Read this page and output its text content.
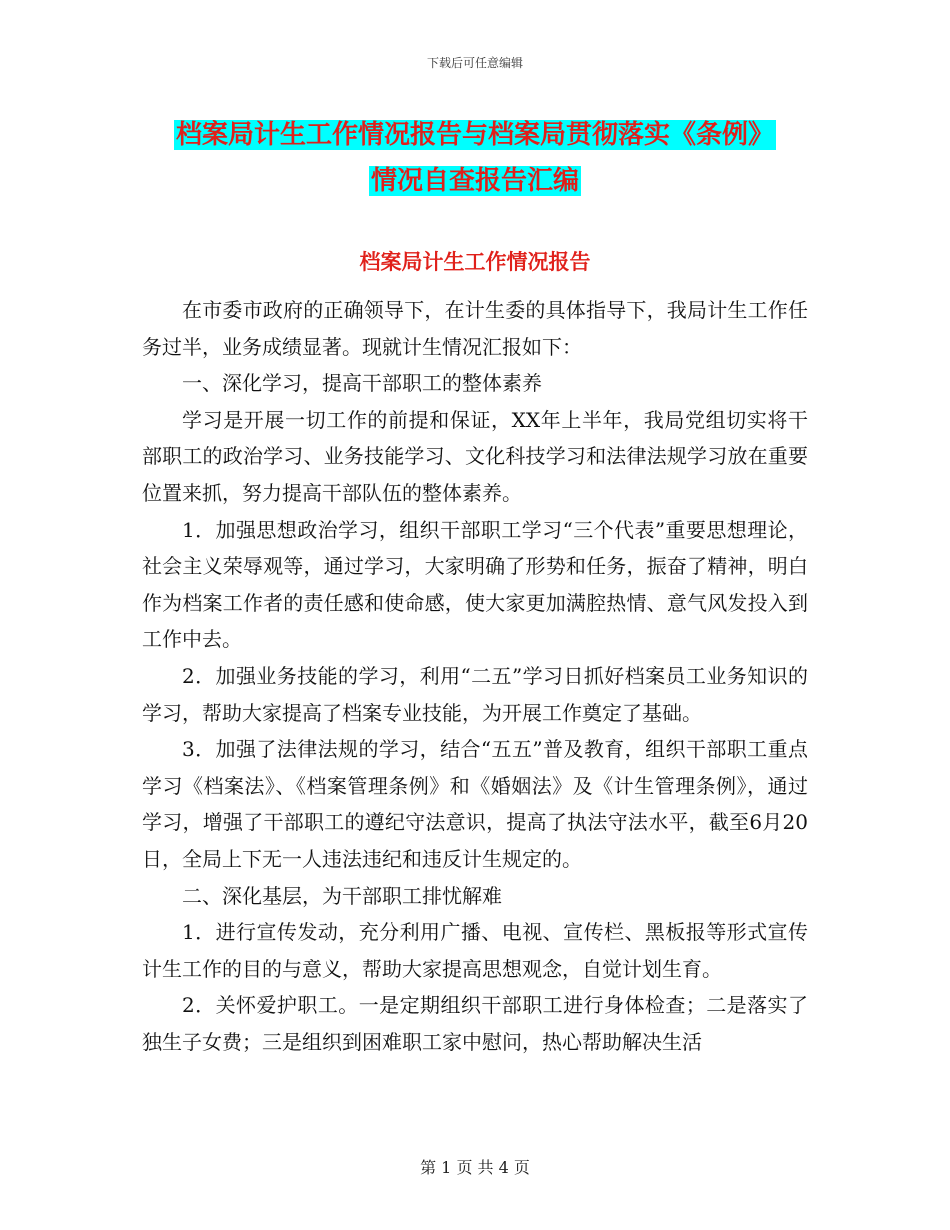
下载后可任意编辑
档案局计生工作情况报告与档案局贯彻落实《条例》
情况自查报告汇编
档案局计生工作情况报告

在市委市政府的正确领导下，在计生委的具体指导下，我局计生工作任务过半，业务成绩显著。现就计生情况汇报如下：

一、深化学习，提高干部职工的整体素养

学习是开展一切工作的前提和保证，XX年上半年，我局党组切实将干部职工的政治学习、业务技能学习、文化科技学习和法律法规学习放在重要位置来抓，努力提高干部队伍的整体素养。

1．加强思想政治学习，组织干部职工学习“三个代表”重要思想理论，社会主义荣辱观等，通过学习，大家明确了形势和任务，振奋了精神，明白作为档案工作者的责任感和使命感，使大家更加满腔热情、意气风发投入到工作中去。

2．加强业务技能的学习，利用“二五”学习日抓好档案员工业务知识的学习，帮助大家提高了档案专业技能，为开展工作奠定了基础。

3．加强了法律法规的学习，结合“五五”普及教育，组织干部职工重点学习《档案法》、《档案管理条例》和《婚姻法》及《计生管理条例》，通过学习，增强了干部职工的遵纪守法意识，提高了执法守法水平，截至6月20日，全局上下无一人违法违纪和违反计生规定的。

二、深化基层，为干部职工排忧解难

1．进行宣传发动，充分利用广播、电视、宣传栏、黑板报等形式宣传计生工作的目的与意义，帮助大家提高思想观念，自觉计划生育。

2．关怀爱护职工。一是定期组织干部职工进行身体检查；二是落实了独生子女费；三是组织到困难职工家中慰问，热心帮助解决生活

第 1 页 共 4 页
